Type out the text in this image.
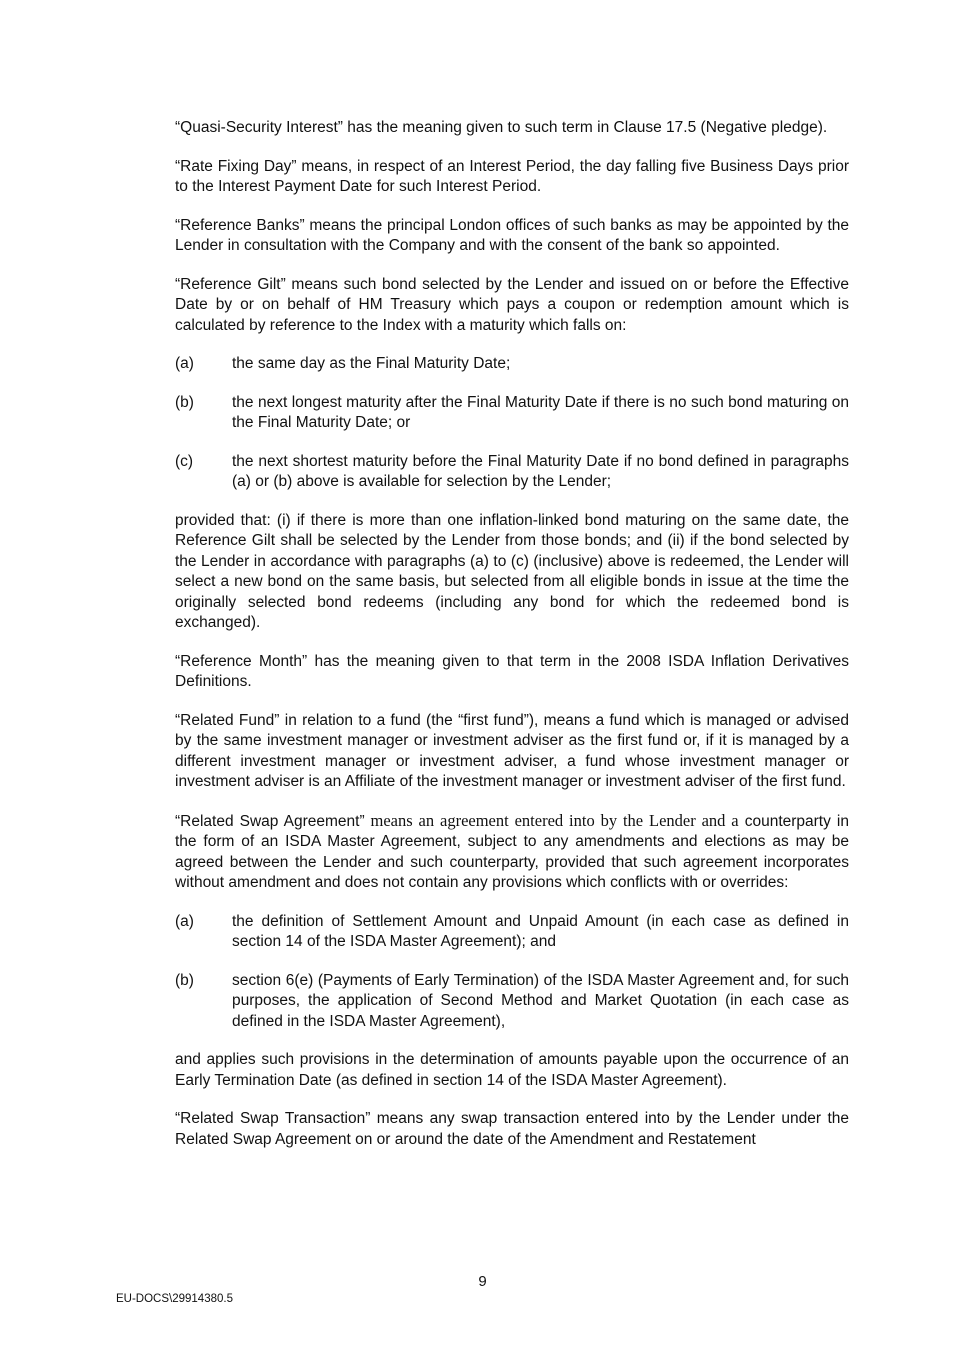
“Quasi-Security Interest” has the meaning given to such term in Clause 17.5 (Negative pledge).

“Rate Fixing Day” means, in respect of an Interest Period, the day falling five Business Days prior to the Interest Payment Date for such Interest Period.

“Reference Banks” means the principal London offices of such banks as may be appointed by the Lender in consultation with the Company and with the consent of the bank so appointed.

“Reference Gilt” means such bond selected by the Lender and issued on or before the Effective Date by or on behalf of HM Treasury which pays a coupon or redemption amount which is calculated by reference to the Index with a maturity which falls on:

(a)	the same day as the Final Maturity Date;
(b)	the next longest maturity after the Final Maturity Date if there is no such bond maturing on the Final Maturity Date; or
(c)	the next shortest maturity before the Final Maturity Date if no bond defined in paragraphs (a) or (b) above is available for selection by the Lender;

provided that: (i) if there is more than one inflation-linked bond maturing on the same date, the Reference Gilt shall be selected by the Lender from those bonds; and (ii) if the bond selected by the Lender in accordance with paragraphs (a) to (c) (inclusive) above is redeemed, the Lender will select a new bond on the same basis, but selected from all eligible bonds in issue at the time the originally selected bond redeems (including any bond for which the redeemed bond is exchanged).

“Reference Month” has the meaning given to that term in the 2008 ISDA Inflation Derivatives Definitions.

“Related Fund” in relation to a fund (the “first fund”), means a fund which is managed or advised by the same investment manager or investment adviser as the first fund or, if it is managed by a different investment manager or investment adviser, a fund whose investment manager or investment adviser is an Affiliate of the investment manager or investment adviser of the first fund.

“Related Swap Agreement” means an agreement entered into by the Lender and a counterparty in the form of an ISDA Master Agreement, subject to any amendments and elections as may be agreed between the Lender and such counterparty, provided that such agreement incorporates without amendment and does not contain any provisions which conflicts with or overrides:

(a)	the definition of Settlement Amount and Unpaid Amount (in each case as defined in section 14 of the ISDA Master Agreement); and
(b)	section 6(e) (Payments of Early Termination) of the ISDA Master Agreement and, for such purposes, the application of Second Method and Market Quotation (in each case as defined in the ISDA Master Agreement),

and applies such provisions in the determination of amounts payable upon the occurrence of an Early Termination Date (as defined in section 14 of the ISDA Master Agreement).

“Related Swap Transaction” means any swap transaction entered into by the Lender under the Related Swap Agreement on or around the date of the Amendment and Restatement

9
EU-DOCS\29914380.5
